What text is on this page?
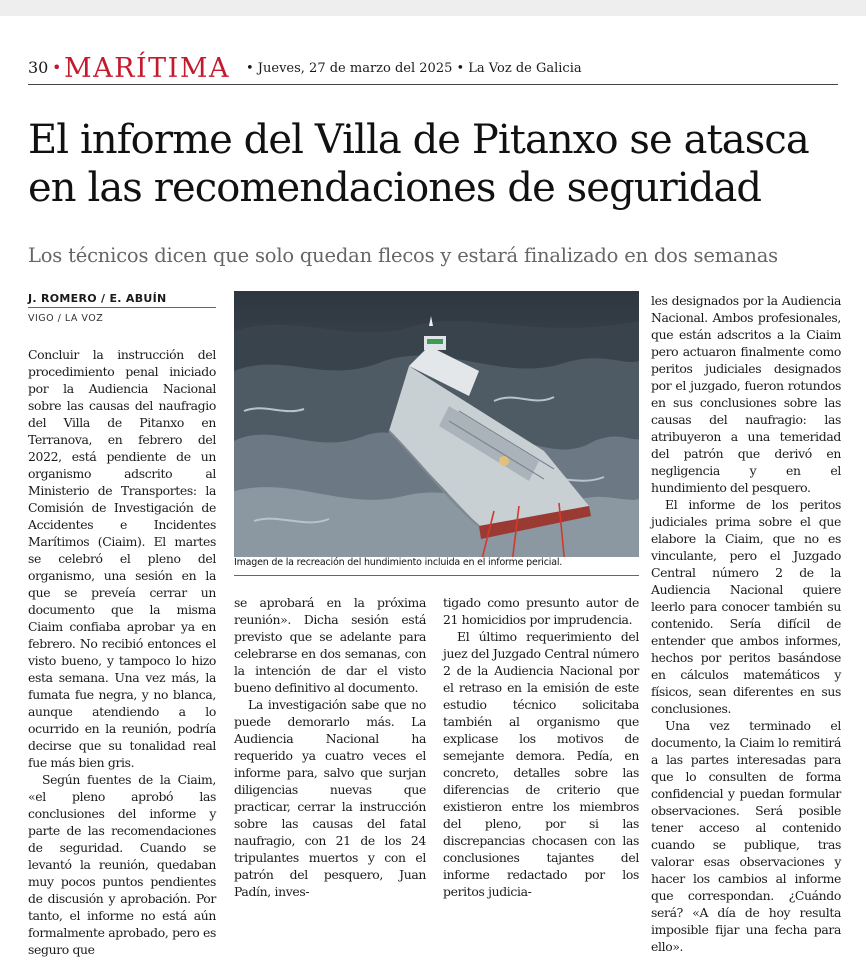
30 • MARÍTIMA • Jueves, 27 de marzo del 2025 • La Voz de Galicia
El informe del Villa de Pitanxo se atasca en las recomendaciones de seguridad
Los técnicos dicen que solo quedan flecos y estará finalizado en dos semanas
J. ROMERO / E. ABUÍN
VIGO / LA VOZ

Concluir la instrucción del procedimiento penal iniciado por la Audiencia Nacional sobre las causas del naufragio del Villa de Pitanxo en Terranova, en febrero del 2022, está pendiente de un organismo adscrito al Ministerio de Transportes: la Comisión de Investigación de Accidentes e Incidentes Marítimos (Ciaim). El martes se celebró el pleno del organismo, una sesión en la que se preveía cerrar un documento que la misma Ciaim confiaba aprobar ya en febrero. No recibió entonces el visto bueno, y tampoco lo hizo esta semana. Una vez más, la fumata fue negra, y no blanca, aunque atendiendo a lo ocurrido en la reunión, podría decirse que su tonalidad real fue más bien gris.

Según fuentes de la Ciaim, «el pleno aprobó las conclusiones del informe y parte de las recomendaciones de seguridad. Cuando se levantó la reunión, quedaban muy pocos puntos pendientes de discusión y aprobación. Por tanto, el informe no está aún formalmente aprobado, pero es seguro que

Imagen de la recreación del hundimiento incluida en el informe pericial.

se aprobará en la próxima reunión». Dicha sesión está previsto que se adelante para celebrarse en dos semanas, con la intención de dar el visto bueno definitivo al documento.

La investigación sabe que no puede demorarlo más. La Audiencia Nacional ha requerido ya cuatro veces el informe para, salvo que surjan diligencias nuevas que practicar, cerrar la instrucción sobre las causas del fatal naufragio, con 21 de los 24 tripulantes muertos y con el patrón del pesquero, Juan Padín, inves-

tigado como presunto autor de 21 homicidios por imprudencia.

El último requerimiento del juez del Juzgado Central número 2 de la Audiencia Nacional por el retraso en la emisión de este estudio técnico solicitaba también al organismo que explicase los motivos de semejante demora. Pedía, en concreto, detalles sobre las diferencias de criterio que existieron entre los miembros del pleno, por si las discrepancias chocasen con las conclusiones tajantes del informe redactado por los peritos judicia-

les designados por la Audiencia Nacional. Ambos profesionales, que están adscritos a la Ciaim pero actuaron finalmente como peritos judiciales designados por el juzgado, fueron rotundos en sus conclusiones sobre las causas del naufragio: las atribuyeron a una temeridad del patrón que derivó en negligencia y en el hundimiento del pesquero.

El informe de los peritos judiciales prima sobre el que elabore la Ciaim, que no es vinculante, pero el Juzgado Central número 2 de la Audiencia Nacional quiere leerlo para conocer también su contenido. Sería difícil de entender que ambos informes, hechos por peritos basándose en cálculos matemáticos y físicos, sean diferentes en sus conclusiones.

Una vez terminado el documento, la Ciaim lo remitirá a las partes interesadas para que lo consulten de forma confidencial y puedan formular observaciones. Será posible tener acceso al contenido cuando se publique, tras valorar esas observaciones y hacer los cambios al informe que correspondan. ¿Cuándo será? «A día de hoy resulta imposible fijar una fecha para ello».
